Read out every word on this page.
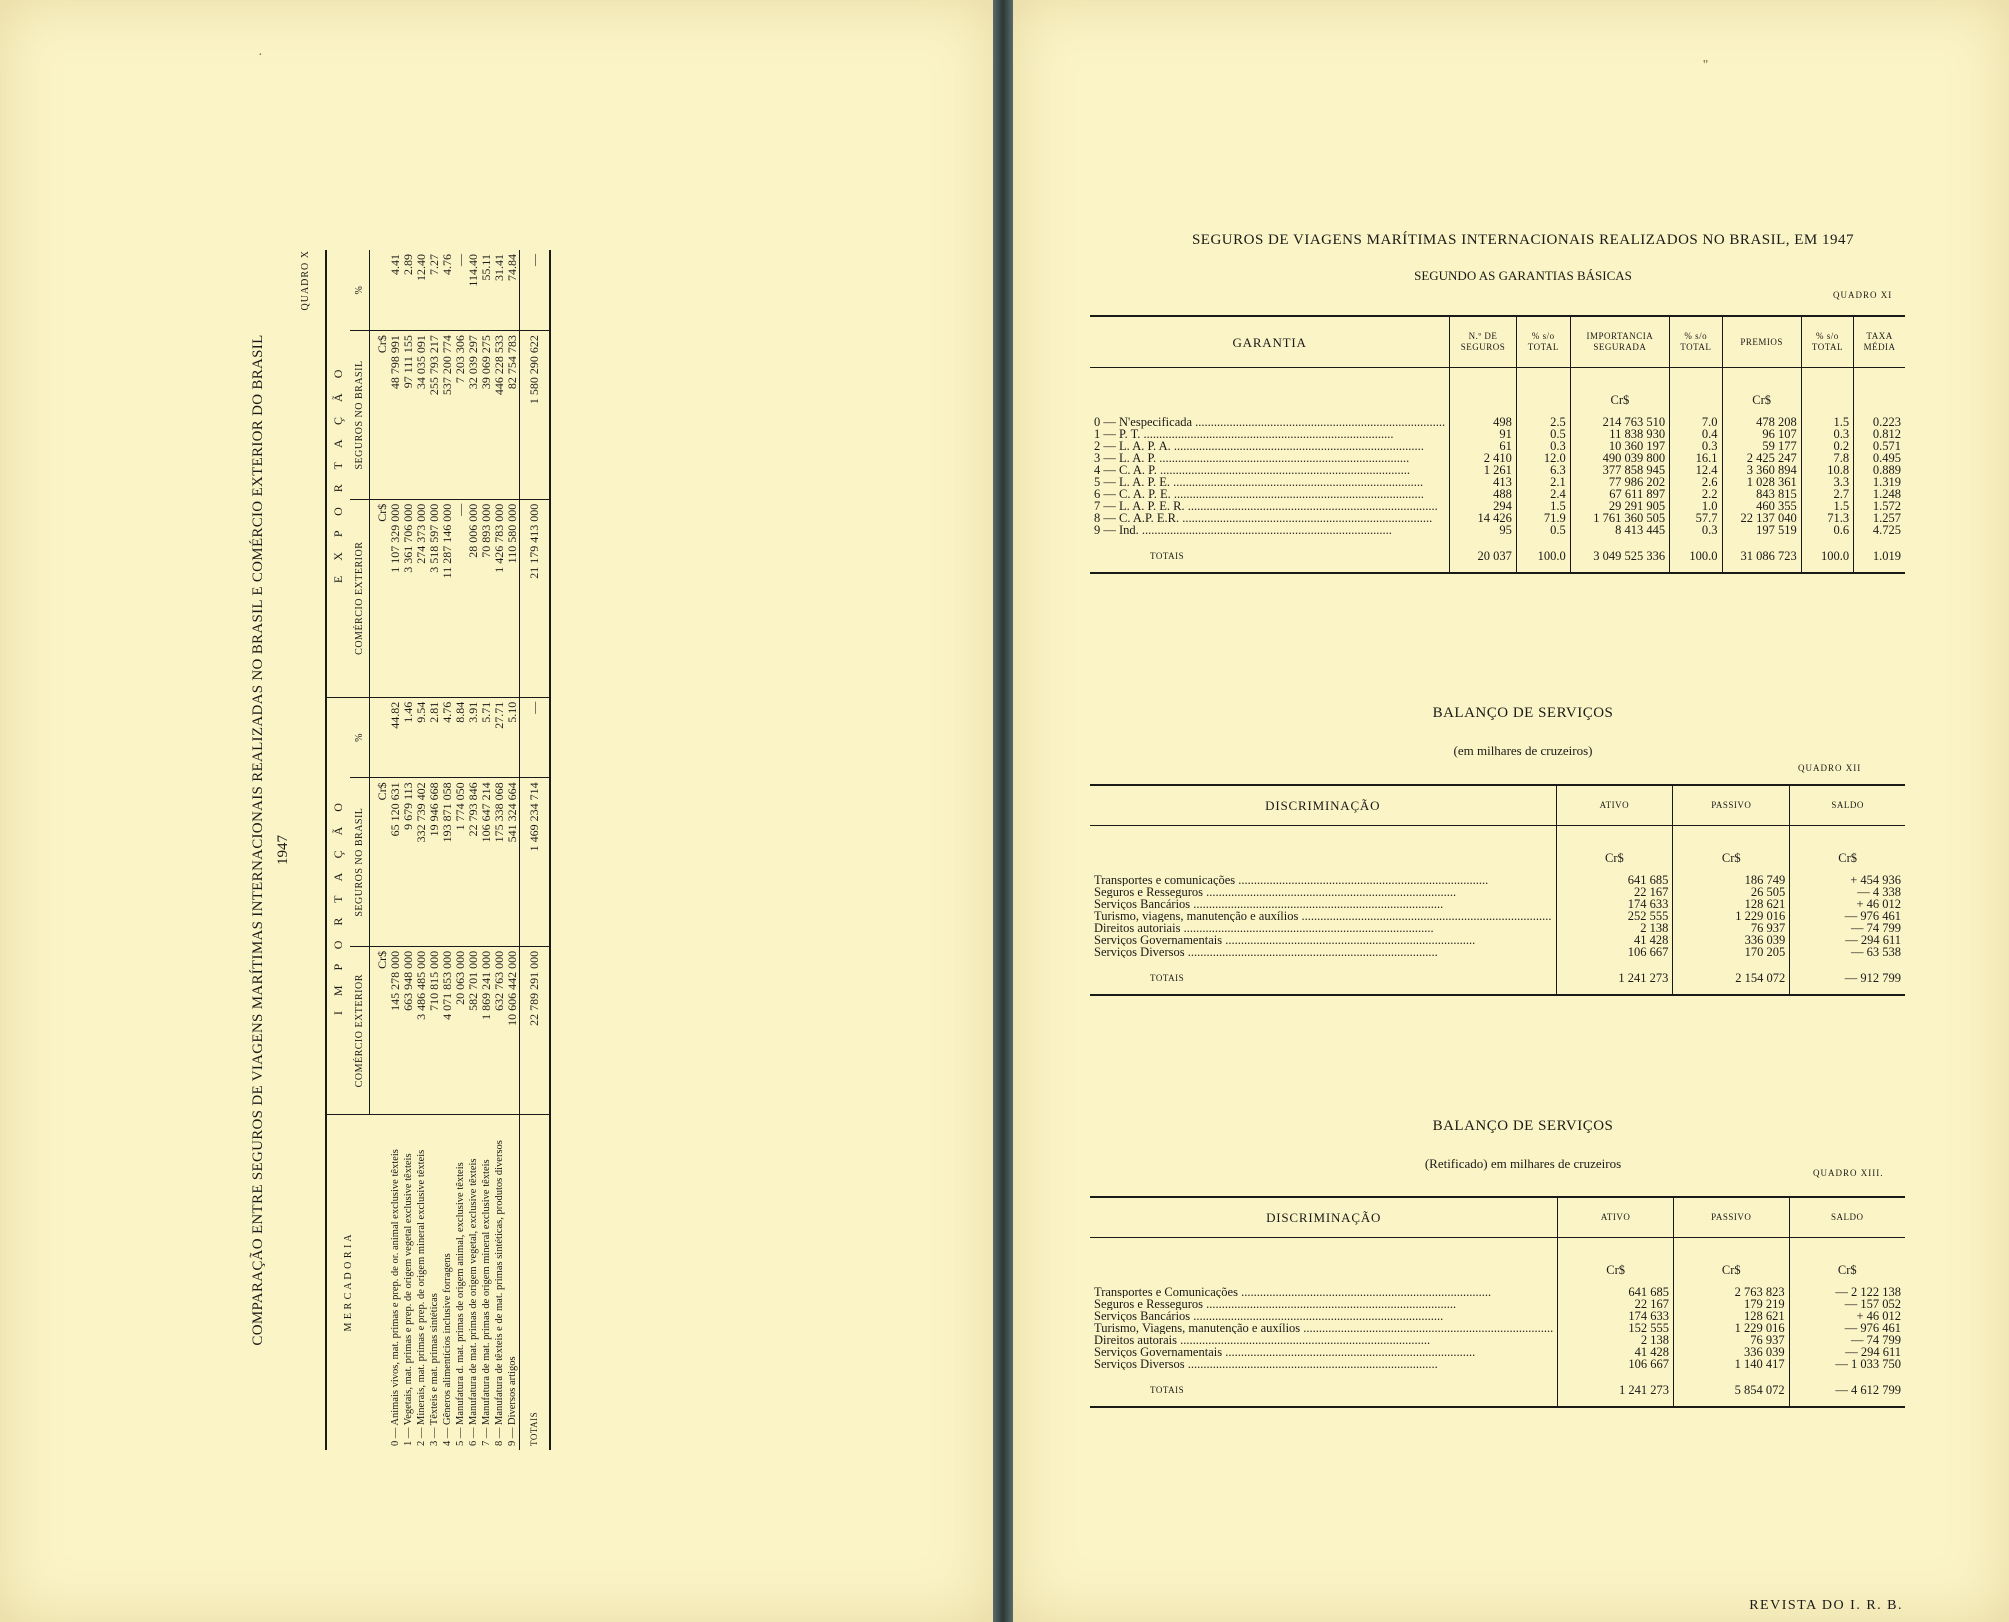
·
COMPARAÇÃO ENTRE SEGUROS DE VIAGENS MARÍTIMAS INTERNACIONAIS REALIZADAS NO BRASIL E COMÉRCIO EXTERIOR DO BRASIL 1947
QUADRO X
M E R C A D O R I A	I M P O R T A Ç Ã O			E X P O R T A Ç Ã O		
	COMÉRCIO EXTERIOR	SEGUROS NO BRASIL	%	COMÉRCIO EXTERIOR	SEGUROS NO BRASIL	%
	Cr$	Cr$		Cr$	Cr$	
0 — Animais vivos, mat. primas e prep. de or. animal exclusive têxteis	145 278 000	65 120 631	44.82	1 107 329 000	48 798 991	4.41
1 — Vegetais, mat. primas e prep. de origem vegetal exclusive têxteis	663 948 000	9 679 113	1.46	3 361 706 000	97 111 155	2.89
2 — Minerais, mat. primas e prep. de origem mineral exclusive têxteis	3 486 485 000	332 739 402	9.54	274 373 000	34 035 091	12.40
3 — Têxteis e mat. primas sintéticas	710 815 000	19 946 668	2.81	3 518 597 000	255 793 217	7.27
4 — Gêneros alimentícios inclusive forragens	4 071 853 000	193 871 058	4.76	11 287 146 000	537 200 774	4.76
5 — Manufatura d. mat. primas de origem animal, exclusive têxteis	20 063 000	1 774 050	8.84	—	7 203 306	—
6 — Manufatura de mat. primas de origem vegetal, exclusive têxteis	582 701 000	22 793 846	3.91	28 006 000	32 039 297	114.40
7 — Manufatura de mat. primas de origem mineral exclusive têxteis	1 869 241 000	106 647 214	5.71	70 893 000	39 069 275	55.11
8 — Manufatura de têxteis e de mat. primas sintéticas, produtos diversos	632 763 000	175 338 068	27.71	1 426 783 000	446 228 533	31.41
9 — Diversos artigos	10 606 442 000	541 324 664	5.10	110 580 000	82 754 783	74.84
TOTAIS	22 789 291 000	1 469 234 714	—	21 179 413 000	1 580 290 622	—
''
SEGUROS DE VIAGENS MARÍTIMAS INTERNACIONAIS REALIZADOS NO BRASIL, EM 1947
SEGUNDO AS GARANTIAS BÁSICAS
QUADRO XI
GARANTIA	N.º DE SEGUROS	% s/o TOTAL	IMPORTANCIA SEGURADA	% s/o TOTAL	PREMIOS	% s/o TOTAL	TAXA MÉDIA
			Cr$		Cr$		
0 — N'especificada ................................................................................	498	2.5	214 763 510	7.0	478 208	1.5	0.223
1 — P. T. ................................................................................	91	0.5	11 838 930	0.4	96 107	0.3	0.812
2 — L. A. P. A. ................................................................................	61	0.3	10 360 197	0.3	59 177	0.2	0.571
3 — L. A. P. ................................................................................	2 410	12.0	490 039 800	16.1	2 425 247	7.8	0.495
4 — C. A. P. ................................................................................	1 261	6.3	377 858 945	12.4	3 360 894	10.8	0.889
5 — L. A. P. E. ................................................................................	413	2.1	77 986 202	2.6	1 028 361	3.3	1.319
6 — C. A. P. E. ................................................................................	488	2.4	67 611 897	2.2	843 815	2.7	1.248
7 — L. A. P. E. R. ................................................................................	294	1.5	29 291 905	1.0	460 355	1.5	1.572
8 — C. A.P. E.R. ................................................................................	14 426	71.9	1 761 360 505	57.7	22 137 040	71.3	1.257
9 — Ind. ................................................................................	95	0.5	8 413 445	0.3	197 519	0.6	4.725
TOTAIS	20 037	100.0	3 049 525 336	100.0	31 086 723	100.0	1.019
BALANÇO DE SERVIÇOS
(em milhares de cruzeiros)
QUADRO XII
DISCRIMINAÇÃO	ATIVO	PASSIVO	SALDO
	Cr$	Cr$	Cr$
Transportes e comunicações ................................................................................	641 685	186 749	+ 454 936
Seguros e Resseguros ................................................................................	22 167	26 505	— 4 338
Serviços Bancários ................................................................................	174 633	128 621	+ 46 012
Turismo, viagens, manutenção e auxílios ................................................................................	252 555	1 229 016	— 976 461
Direitos autoriais ................................................................................	2 138	76 937	— 74 799
Serviços Governamentais ................................................................................	41 428	336 039	— 294 611
Serviços Diversos ................................................................................	106 667	170 205	— 63 538
TOTAIS	1 241 273	2 154 072	— 912 799
BALANÇO DE SERVIÇOS
(Retificado) em milhares de cruzeiros
QUADRO XIII.
DISCRIMINAÇÃO	ATIVO	PASSIVO	SALDO
	Cr$	Cr$	Cr$
Transportes e Comunicações ................................................................................	641 685	2 763 823	— 2 122 138
Seguros e Resseguros ................................................................................	22 167	179 219	— 157 052
Serviços Bancários ................................................................................	174 633	128 621	+ 46 012
Turismo, Viagens, manutenção e auxílios ................................................................................	152 555	1 229 016	— 976 461
Direitos autorais ................................................................................	2 138	76 937	— 74 799
Serviços Governamentais ................................................................................	41 428	336 039	— 294 611
Serviços Diversos ................................................................................	106 667	1 140 417	— 1 033 750
TOTAIS	1 241 273	5 854 072	— 4 612 799
REVISTA DO I. R. B.
